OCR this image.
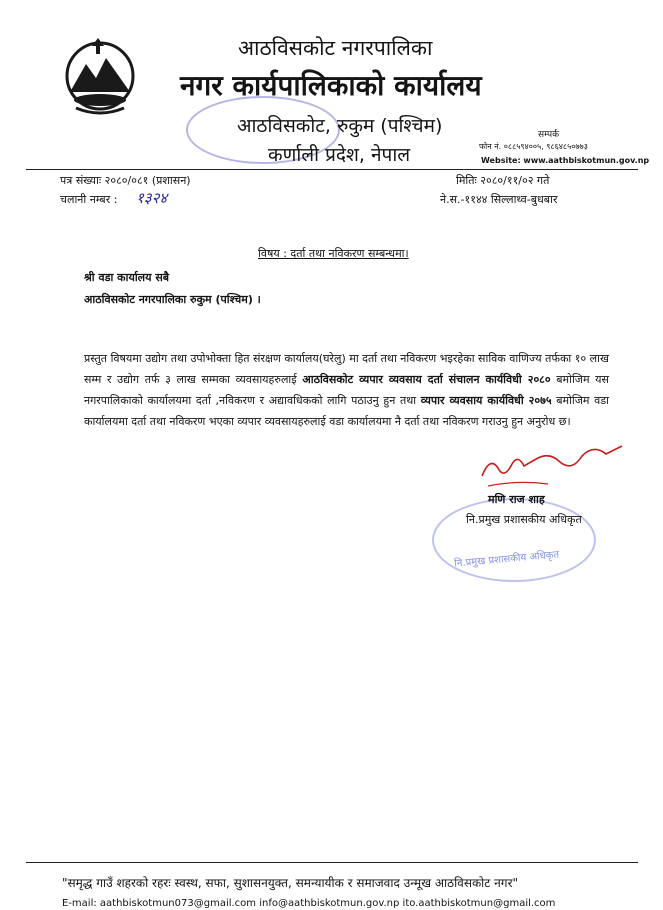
आठविसकोट नगरपालिका
नगर कार्यपालिकाको कार्यालय
आठविसकोट, रुकुम (पश्चिम)
कर्णाली प्रदेश, नेपाल
सम्पर्क
फोन नं. ०८८५९४००५, ९८६४८५०७७३
Website: www.aathbiskotmun.gov.np
पत्र संख्याः २०८०/०८१ (प्रशासन)
चलानी नम्बर : १३२४
मितिः २०८०/११/०२ गते
ने.स.-११४४ सिल्लाथ्व-बुधबार
विषय : दर्ता तथा नविकरण सम्बन्धमा।
श्री वडा कार्यालय सबै
आठविसकोट नगरपालिका रुकुम (पश्चिम) ।
प्रस्तुत विषयमा उद्योग तथा उपोभोक्ता हित संरक्षण कार्यालय(घरेलु) मा दर्ता तथा नविकरण भइरहेका साविक वाणिज्य तर्फका १० लाख सम्म र उद्योग तर्फ ३ लाख सम्मका व्यवसायहरुलाई आठविसकोट व्यपार व्यवसाय दर्ता संचालन कार्यविधी २०८० बमोजिम यस नगरपालिकाको कार्यालयमा दर्ता ,नविकरण र अद्यावधिकको लागि पठाउनु हुन तथा व्यपार व्यवसाय कार्यविधी २०७५ बमोजिम वडा कार्यालयमा दर्ता तथा नविकरण भएका व्यपार व्यवसायहरुलाई वडा कार्यालयमा नै दर्ता तथा नविकरण गराउनु हुन अनुरोध छ।
नि.प्रमुख प्रशासकीय अधिकृत
मणि राज शाह
नि.प्रमुख प्रशासकीय अधिकृत
"समृद्ध गाउँ शहरको रहरः स्वस्थ, सफा, सुशासनयुक्त, समन्यायीक र समाजवाद उन्मूख आठविसकोट नगर"
E-mail: aathbiskotmun073@gmail.com info@aathbiskotmun.gov.np ito.aathbiskotmun@gmail.com
